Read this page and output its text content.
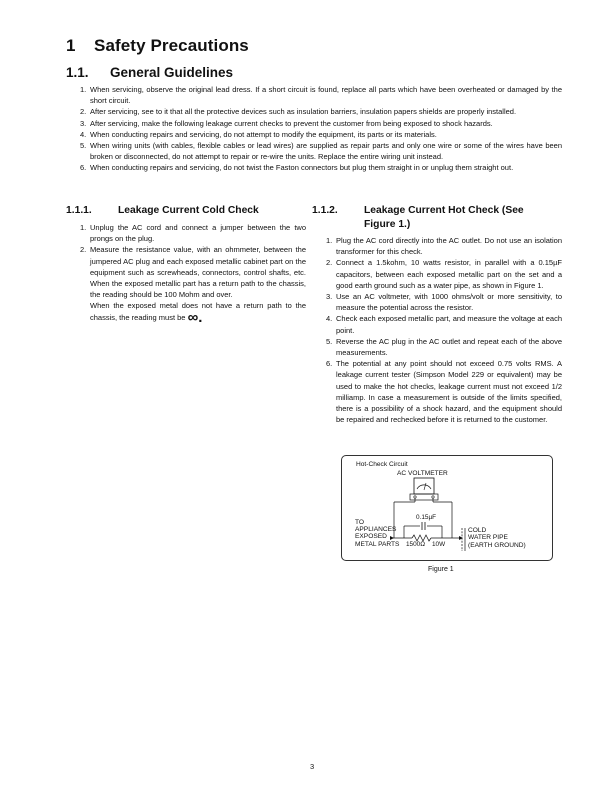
1 Safety Precautions
1.1. General Guidelines
1. When servicing, observe the original lead dress. If a short circuit is found, replace all parts which have been overheated or damaged by the short circuit.
2. After servicing, see to it that all the protective devices such as insulation barriers, insulation papers shields are properly installed.
3. After servicing, make the following leakage current checks to prevent the customer from being exposed to shock hazards.
4. When conducting repairs and servicing, do not attempt to modify the equipment, its parts or its materials.
5. When wiring units (with cables, flexible cables or lead wires) are supplied as repair parts and only one wire or some of the wires have been broken or disconnected, do not attempt to repair or re-wire the units. Replace the entire wiring unit instead.
6. When conducting repairs and servicing, do not twist the Faston connectors but plug them straight in or unplug them straight out.
1.1.1.	Leakage Current Cold Check
1. Unplug the AC cord and connect a jumper between the two prongs on the plug.
2. Measure the resistance value, with an ohmmeter, between the jumpered AC plug and each exposed metallic cabinet part on the equipment such as screwheads, connectors, control shafts, etc. When the exposed metallic part has a return path to the chassis, the reading should be 100 Mohm and over.
When the exposed metal does not have a return path to the chassis, the reading must be ∞.
1.1.2.	Leakage Current Hot Check (See
Figure 1.)
1. Plug the AC cord directly into the AC outlet. Do not use an isolation transformer for this check.
2. Connect a 1.5kohm, 10 watts resistor, in parallel with a 0.15µF capacitors, between each exposed metallic part on the set and a good earth ground such as a water pipe, as shown in Figure 1.
3. Use an AC voltmeter, with 1000 ohms/volt or more sensitivity, to measure the potential across the resistor.
4. Check each exposed metallic part, and measure the voltage at each point.
5. Reverse the AC plug in the AC outlet and repeat each of the above measurements.
6. The potential at any point should not exceed 0.75 volts RMS. A leakage current tester (Simpson Model 229 or equivalent) may be used to make the hot checks, leakage current must not exceed 1/2 milliamp. In case a measurement is outside of the limits specified, there is a possibility of a shock hazard, and the equipment should be repaired and rechecked before it is returned to the customer.
Hot-Check Circuit
AC VOLTMETER
0.15µF
TO
APPLIANCES
EXPOSED
METAL PARTS 1500Ω 10W
COLD
WATER PIPE
(EARTH GROUND)
Figure 1
3
